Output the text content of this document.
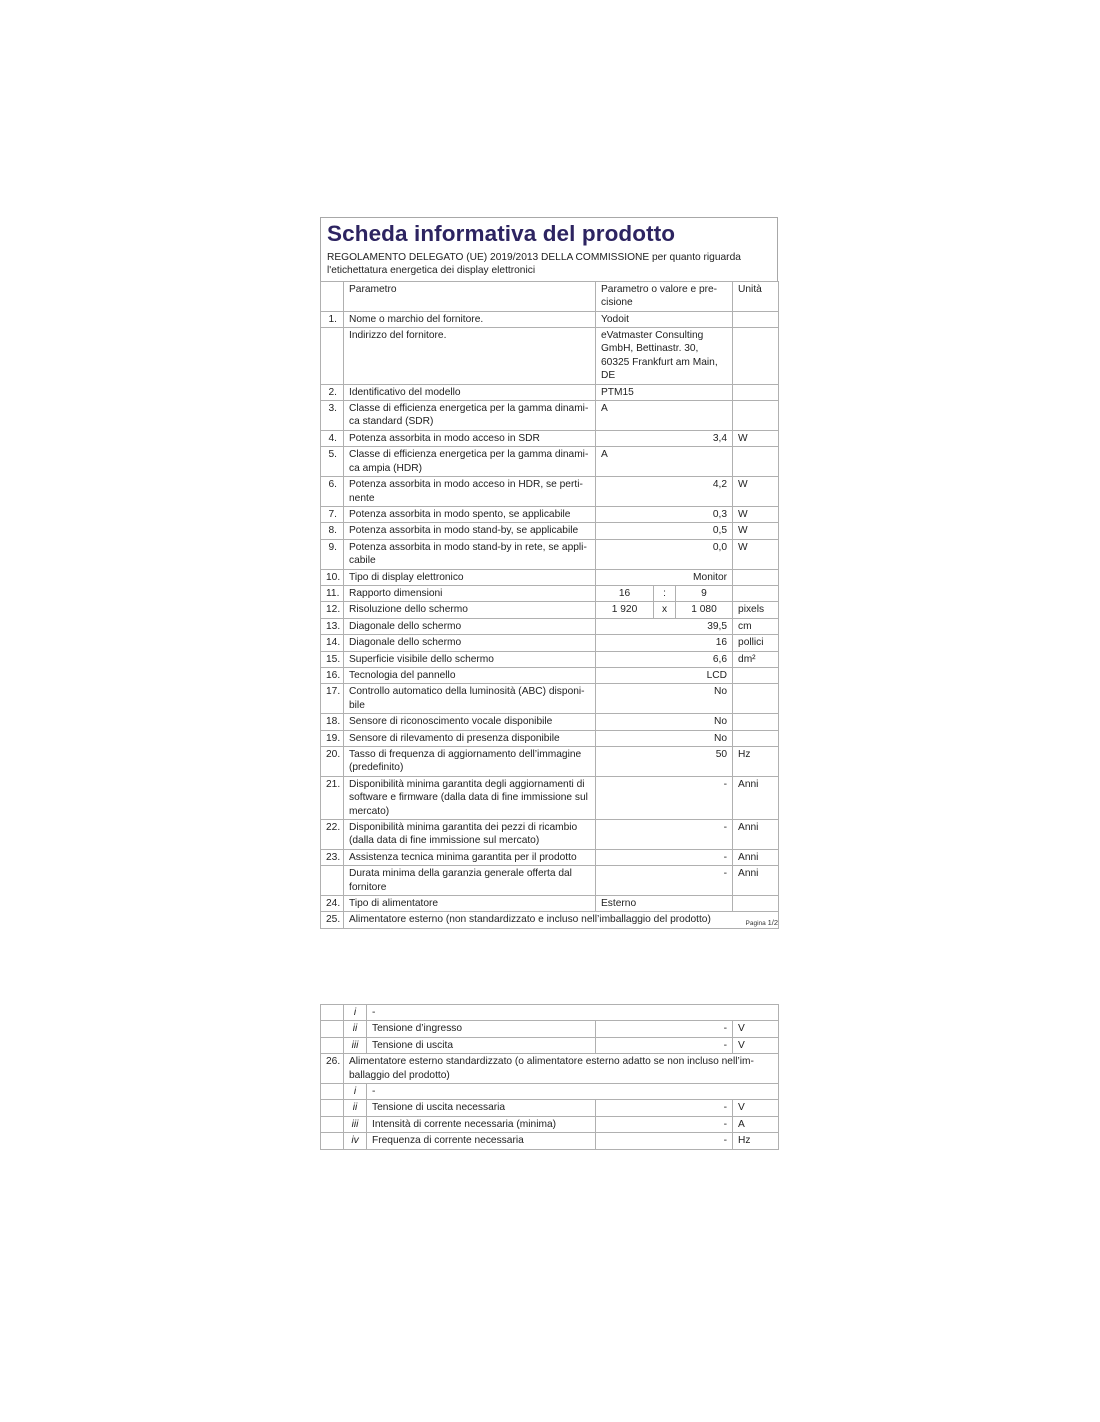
Scheda informativa del prodotto
REGOLAMENTO DELEGATO (UE) 2019/2013 DELLA COMMISSIONE per quanto riguarda l'etichettatura energetica dei display elettronici
	Parametro	Parametro o valore e pre-cisione			Unità
1.	Nome o marchio del fornitore.	Yodoit			
	Indirizzo del fornitore.	eVatmaster Consulting GmbH, Bettinastr. 30, 60325 Frankfurt am Main, DE			
2.	Identificativo del modello	PTM15			
3.	Classe di efficienza energetica per la gamma dinami-ca standard (SDR)	A			
4.	Potenza assorbita in modo acceso in SDR	3,4			W
5.	Classe di efficienza energetica per la gamma dinami-ca ampia (HDR)	A			
6.	Potenza assorbita in modo acceso in HDR, se perti-nente	4,2			W
7.	Potenza assorbita in modo spento, se applicabile	0,3			W
8.	Potenza assorbita in modo stand-by, se applicabile	0,5			W
9.	Potenza assorbita in modo stand-by in rete, se appli-cabile	0,0			W
10.	Tipo di display elettronico	Monitor			
11.	Rapporto dimensioni	16	:	9	
12.	Risoluzione dello schermo	1 920	x	1 080	pixels
13.	Diagonale dello schermo	39,5			cm
14.	Diagonale dello schermo	16			pollici
15.	Superficie visibile dello schermo	6,6			dm²
16.	Tecnologia del pannello	LCD			
17.	Controllo automatico della luminosità (ABC) disponi-bile	No			
18.	Sensore di riconoscimento vocale disponibile	No			
19.	Sensore di rilevamento di presenza disponibile	No			
20.	Tasso di frequenza di aggiornamento dell’immagine (predefinito)	50			Hz
21.	Disponibilità minima garantita degli aggiornamenti di software e firmware (dalla data di fine immissione sul mercato)	-			Anni
22.	Disponibilità minima garantita dei pezzi di ricambio (dalla data di fine immissione sul mercato)	-			Anni
23.	Assistenza tecnica minima garantita per il prodotto	-			Anni
	Durata minima della garanzia generale offerta dal fornitore	-			Anni
24.	Tipo di alimentatore	Esterno			
25.	Alimentatore esterno (non standardizzato e incluso nell’imballaggio del prodotto)					Pagina 1/2
	i	-		
	ii	Tensione d’ingresso	-	V
	iii	Tensione di uscita	-	V
26.	Alimentatore esterno standardizzato (o alimentatore esterno adatto se non incluso nell’im-ballaggio del prodotto)			
	i	-		
	ii	Tensione di uscita necessaria	-	V
	iii	Intensità di corrente necessaria (minima)	-	A
	iv	Frequenza di corrente necessaria	-	Hz
